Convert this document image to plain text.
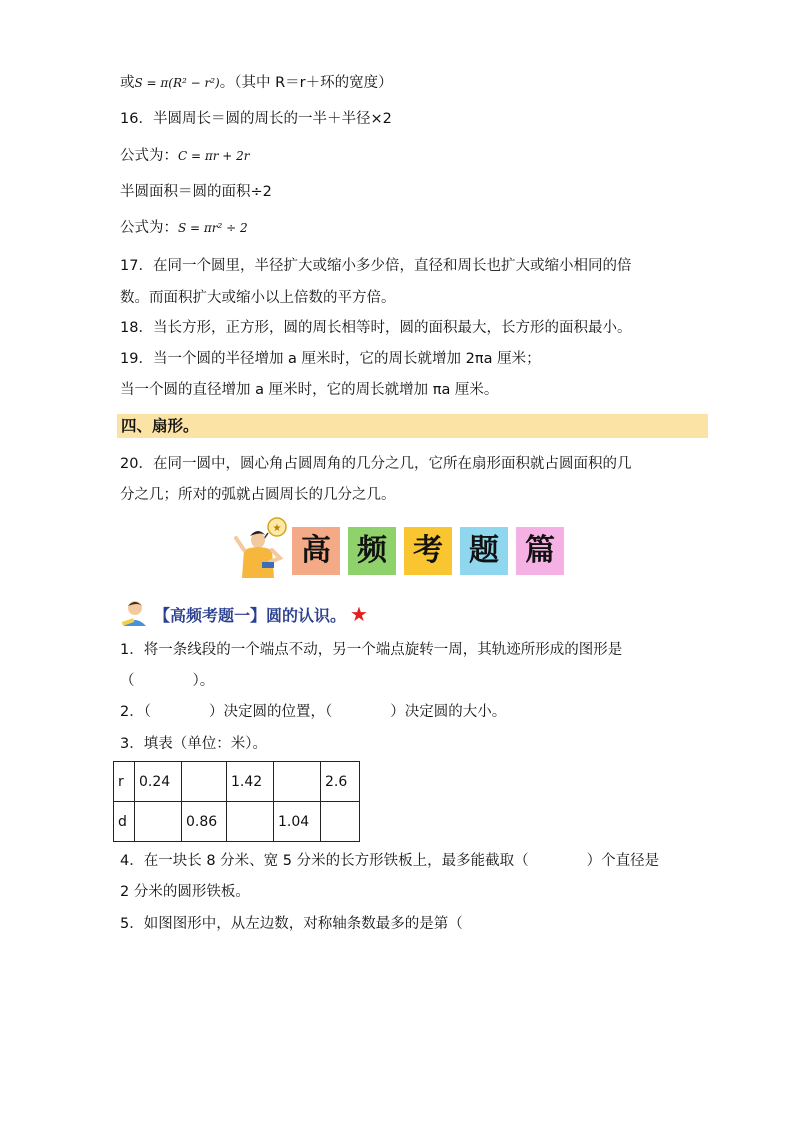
或S = π(R² − r²)。（其中 R＝r＋环的宽度）
16．半圆周长＝圆的周长的一半＋半径×2
公式为：C = πr + 2r
半圆面积＝圆的面积÷2
公式为：S = πr² ÷ 2
17．在同一个圆里，半径扩大或缩小多少倍，直径和周长也扩大或缩小相同的倍
数。而面积扩大或缩小以上倍数的平方倍。
18．当长方形，正方形，圆的周长相等时，圆的面积最大，长方形的面积最小。
19．当一个圆的半径增加 a 厘米时，它的周长就增加 2πa 厘米；
当一个圆的直径增加 a 厘米时，它的周长就增加 πa 厘米。
四、扇形。
20．在同一圆中，圆心角占圆周角的几分之几，它所在扇形面积就占圆面积的几
分之几；所对的弧就占圆周长的几分之几。
★
高 频 考 题 篇
【高频考题一】圆的认识。 ★
1．将一条线段的一个端点不动，另一个端点旋转一周，其轨迹所形成的图形是
（　　　　）。
2．（　　　　）决定圆的位置，（　　　　）决定圆的大小。
3．填表（单位：米）。
r	0.24		1.42		2.6
d		0.86		1.04	
4．在一块长 8 分米、宽 5 分米的长方形铁板上，最多能截取（　　　　）个直径是
2 分米的圆形铁板。
5．如图图形中，从左边数，对称轴条数最多的是第（
